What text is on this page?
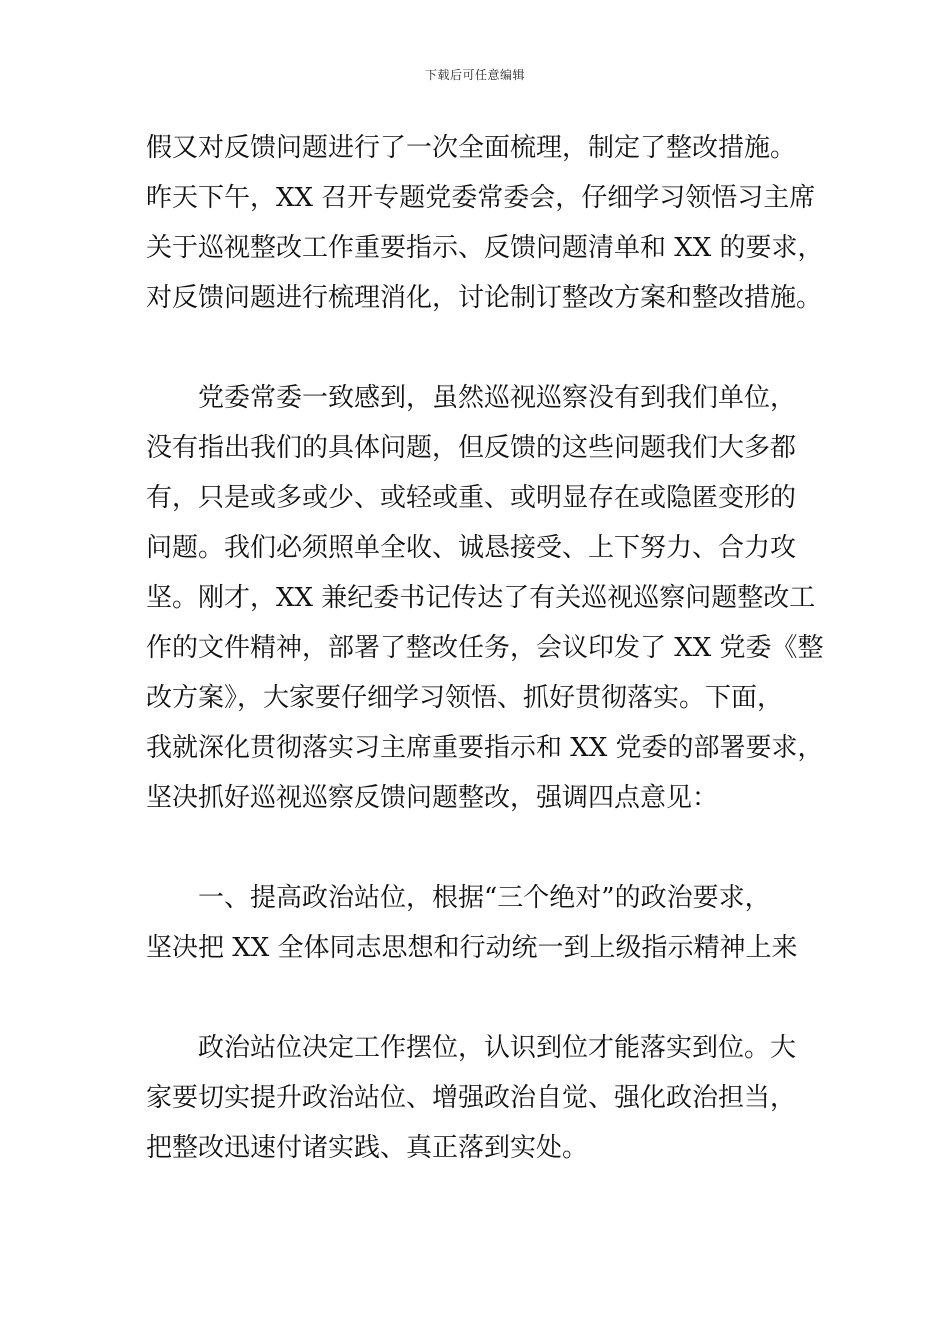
下载后可任意编辑
假又对反馈问题进行了一次全面梳理，制定了整改措施。
昨天下午，XX 召开专题党委常委会，仔细学习领悟习主席
关于巡视整改工作重要指示、反馈问题清单和 XX 的要求，
对反馈问题进行梳理消化，讨论制订整改方案和整改措施。
党委常委一致感到，虽然巡视巡察没有到我们单位，
没有指出我们的具体问题，但反馈的这些问题我们大多都
有，只是或多或少、或轻或重、或明显存在或隐匿变形的
问题。我们必须照单全收、诚恳接受、上下努力、合力攻
坚。刚才，XX 兼纪委书记传达了有关巡视巡察问题整改工
作的文件精神，部署了整改任务，会议印发了 XX 党委《整
改方案》，大家要仔细学习领悟、抓好贯彻落实。下面，
我就深化贯彻落实习主席重要指示和 XX 党委的部署要求，
坚决抓好巡视巡察反馈问题整改，强调四点意见：
一、提高政治站位，根据“三个绝对”的政治要求，
坚决把 XX 全体同志思想和行动统一到上级指示精神上来
政治站位决定工作摆位，认识到位才能落实到位。大
家要切实提升政治站位、增强政治自觉、强化政治担当，
把整改迅速付诸实践、真正落到实处。
